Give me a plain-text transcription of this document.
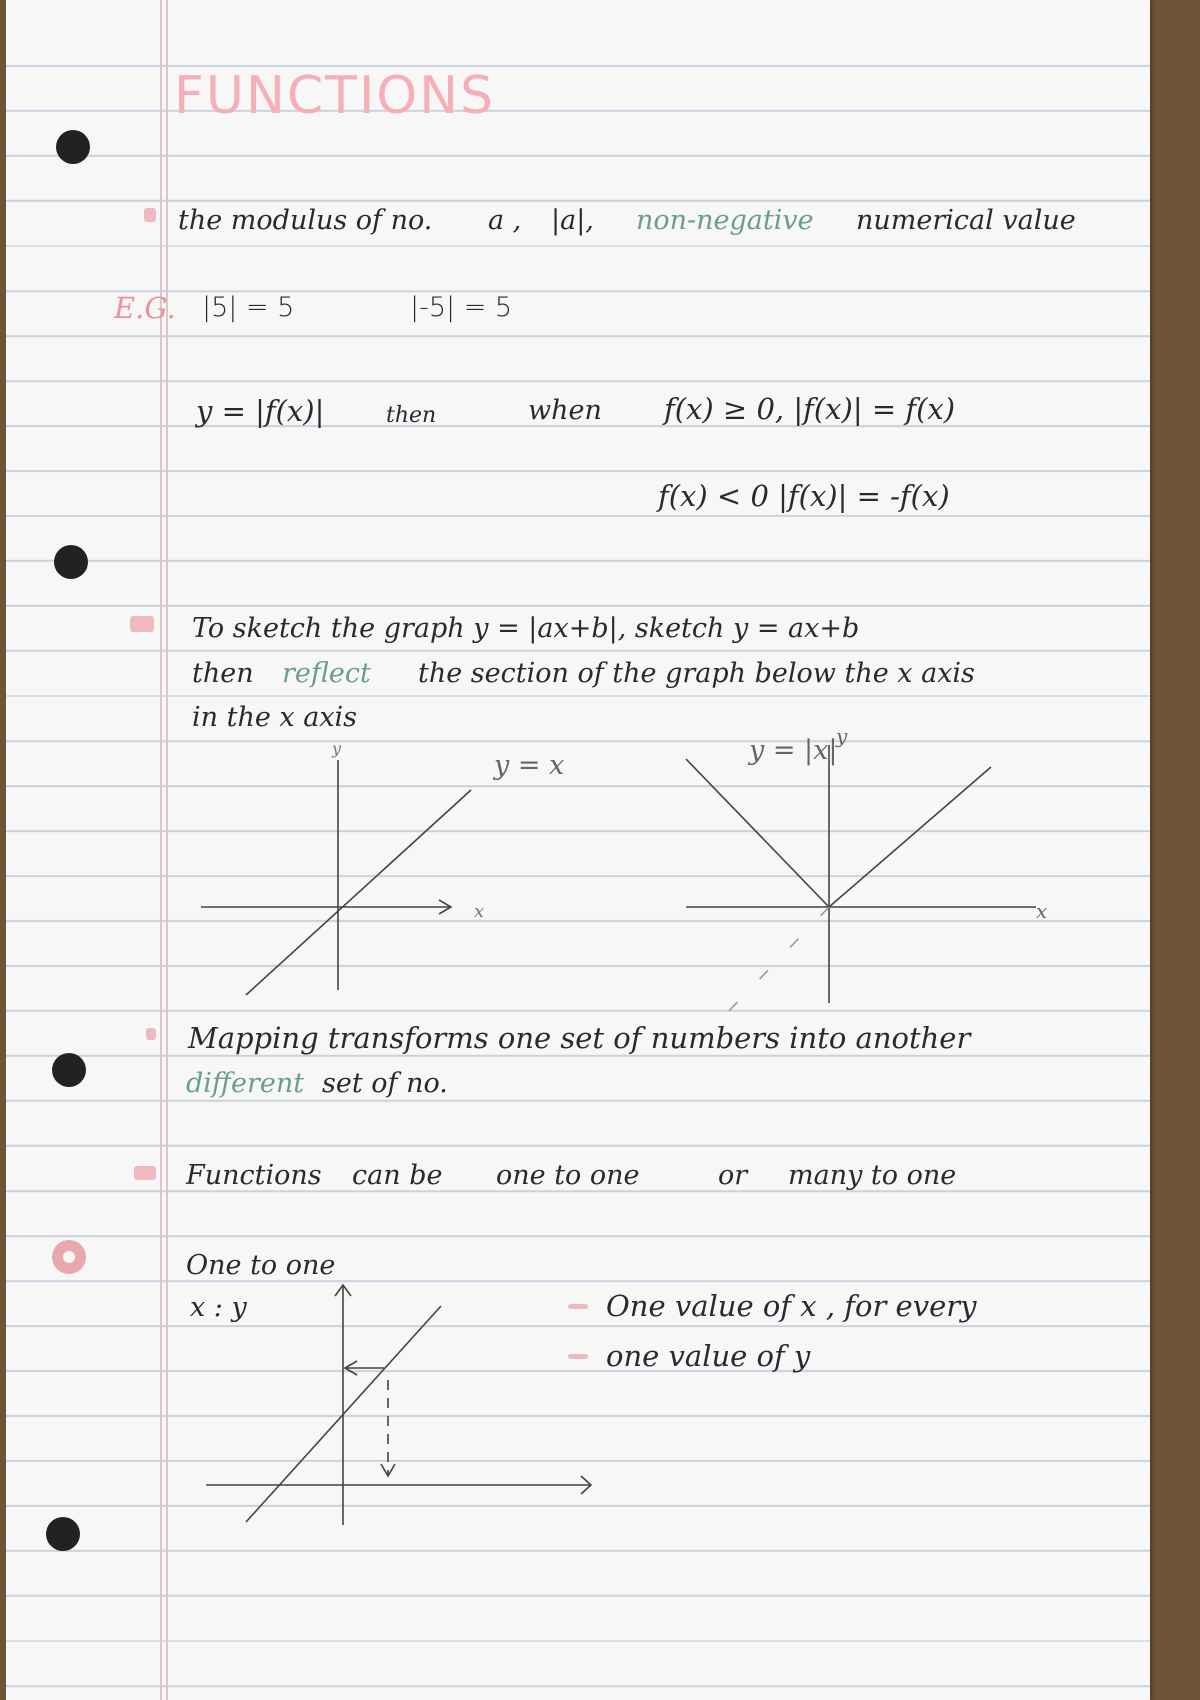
FUNCTIONS
the modulus of no. a , |a|, non-negative numerical value
E.G. |5| = 5	|-5| = 5
y = |f(x)|	then	when f(x) ≥ 0, |f(x)| = f(x)
f(x) < 0 |f(x)| = -f(x)
To sketch the graph y = |ax+b|, sketch y = ax+b
then reflect the section of the graph below the x axis
in the x axis
y
x
y = x	y = |x|
y
x
Mapping transforms one set of numbers into another
different set of no.
Functions can be one to one	or many to one
One to one
x : y	One value of x , for every
one value of y
